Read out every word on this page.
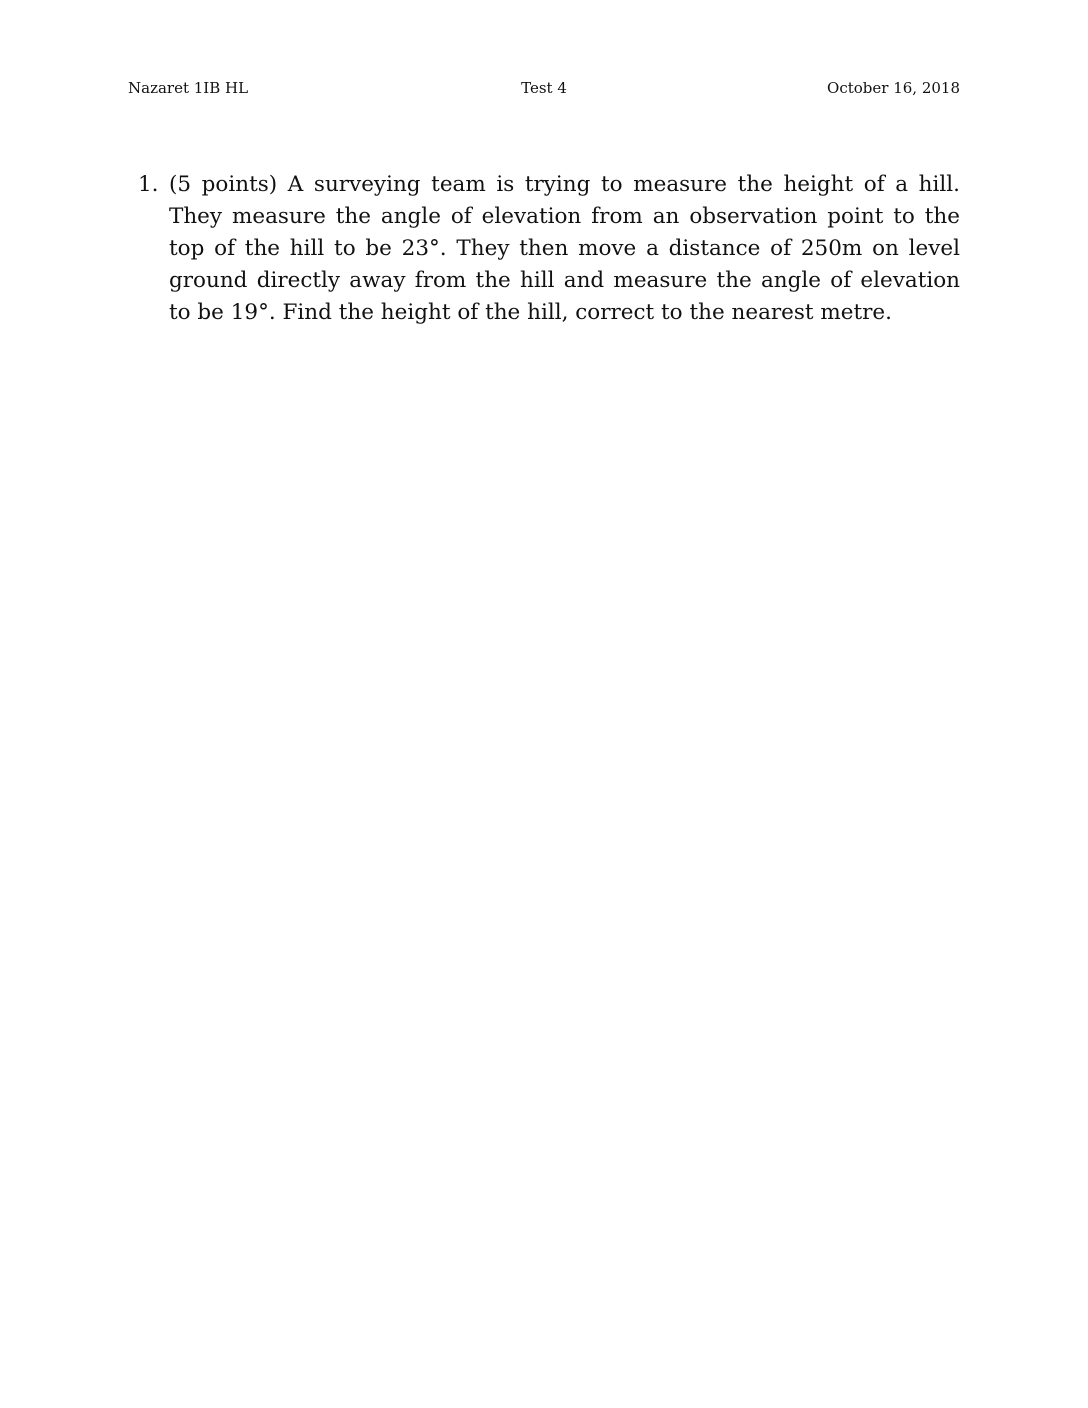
Nazaret 1IB HL	Test 4	October 16, 2018
1. (5 points) A surveying team is trying to measure the height of a hill. They measure the angle of elevation from an observation point to the top of the hill to be 23°. They then move a distance of 250m on level ground directly away from the hill and measure the angle of elevation to be 19°. Find the height of the hill, correct to the nearest metre.
